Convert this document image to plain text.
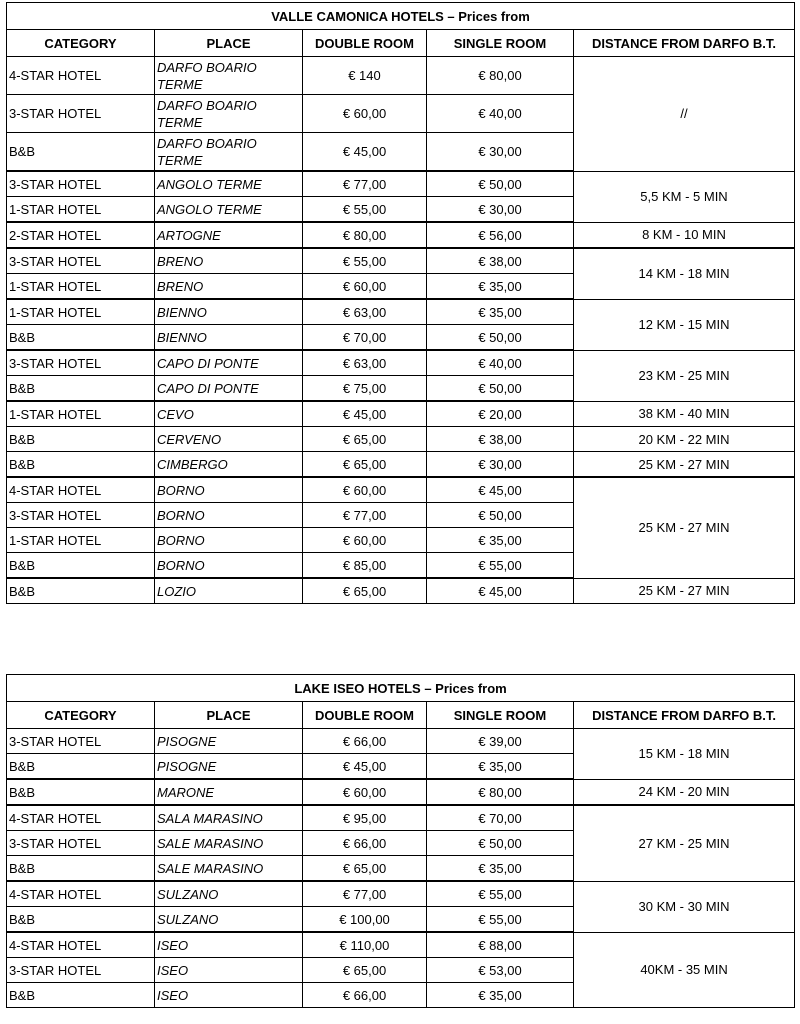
VALLE CAMONICA HOTELS – Prices from				
CATEGORY	PLACE	DOUBLE ROOM	SINGLE ROOM	DISTANCE FROM DARFO B.T.
4-STAR HOTEL	DARFO BOARIO TERME	€ 140	€ 80,00	//
3-STAR HOTEL	DARFO BOARIO TERME	€ 60,00	€ 40,00	
B&B	DARFO BOARIO TERME	€ 45,00	€ 30,00	
3-STAR HOTEL	ANGOLO TERME	€ 77,00	€ 50,00	5,5 KM - 5 MIN
1-STAR HOTEL	ANGOLO TERME	€ 55,00	€ 30,00	
2-STAR HOTEL	ARTOGNE	€ 80,00	€ 56,00	8 KM - 10 MIN
3-STAR HOTEL	BRENO	€ 55,00	€ 38,00	14 KM - 18 MIN
1-STAR HOTEL	BRENO	€ 60,00	€ 35,00	
1-STAR HOTEL	BIENNO	€ 63,00	€ 35,00	12 KM - 15 MIN
B&B	BIENNO	€ 70,00	€ 50,00	
3-STAR HOTEL	CAPO DI PONTE	€ 63,00	€ 40,00	23 KM - 25 MIN
B&B	CAPO DI PONTE	€ 75,00	€ 50,00	
1-STAR HOTEL	CEVO	€ 45,00	€ 20,00	38 KM - 40 MIN
B&B	CERVENO	€ 65,00	€ 38,00	20 KM - 22 MIN
B&B	CIMBERGO	€ 65,00	€ 30,00	25 KM - 27 MIN
4-STAR HOTEL	BORNO	€ 60,00	€ 45,00	25 KM - 27 MIN
3-STAR HOTEL	BORNO	€ 77,00	€ 50,00	
1-STAR HOTEL	BORNO	€ 60,00	€ 35,00	
B&B	BORNO	€ 85,00	€ 55,00	
B&B	LOZIO	€ 65,00	€ 45,00	25 KM - 27 MIN
LAKE ISEO HOTELS – Prices from				
CATEGORY	PLACE	DOUBLE ROOM	SINGLE ROOM	DISTANCE FROM DARFO B.T.
3-STAR HOTEL	PISOGNE	€ 66,00	€ 39,00	15 KM - 18 MIN
B&B	PISOGNE	€ 45,00	€ 35,00	
B&B	MARONE	€ 60,00	€ 80,00	24 KM - 20 MIN
4-STAR HOTEL	SALA MARASINO	€ 95,00	€ 70,00	27 KM - 25 MIN
3-STAR HOTEL	SALE MARASINO	€ 66,00	€ 50,00	
B&B	SALE MARASINO	€ 65,00	€ 35,00	
4-STAR HOTEL	SULZANO	€ 77,00	€ 55,00	30 KM - 30 MIN
B&B	SULZANO	€ 100,00	€ 55,00	
4-STAR HOTEL	ISEO	€ 110,00	€ 88,00	40KM - 35 MIN
3-STAR HOTEL	ISEO	€ 65,00	€ 53,00	
B&B	ISEO	€ 66,00	€ 35,00	
